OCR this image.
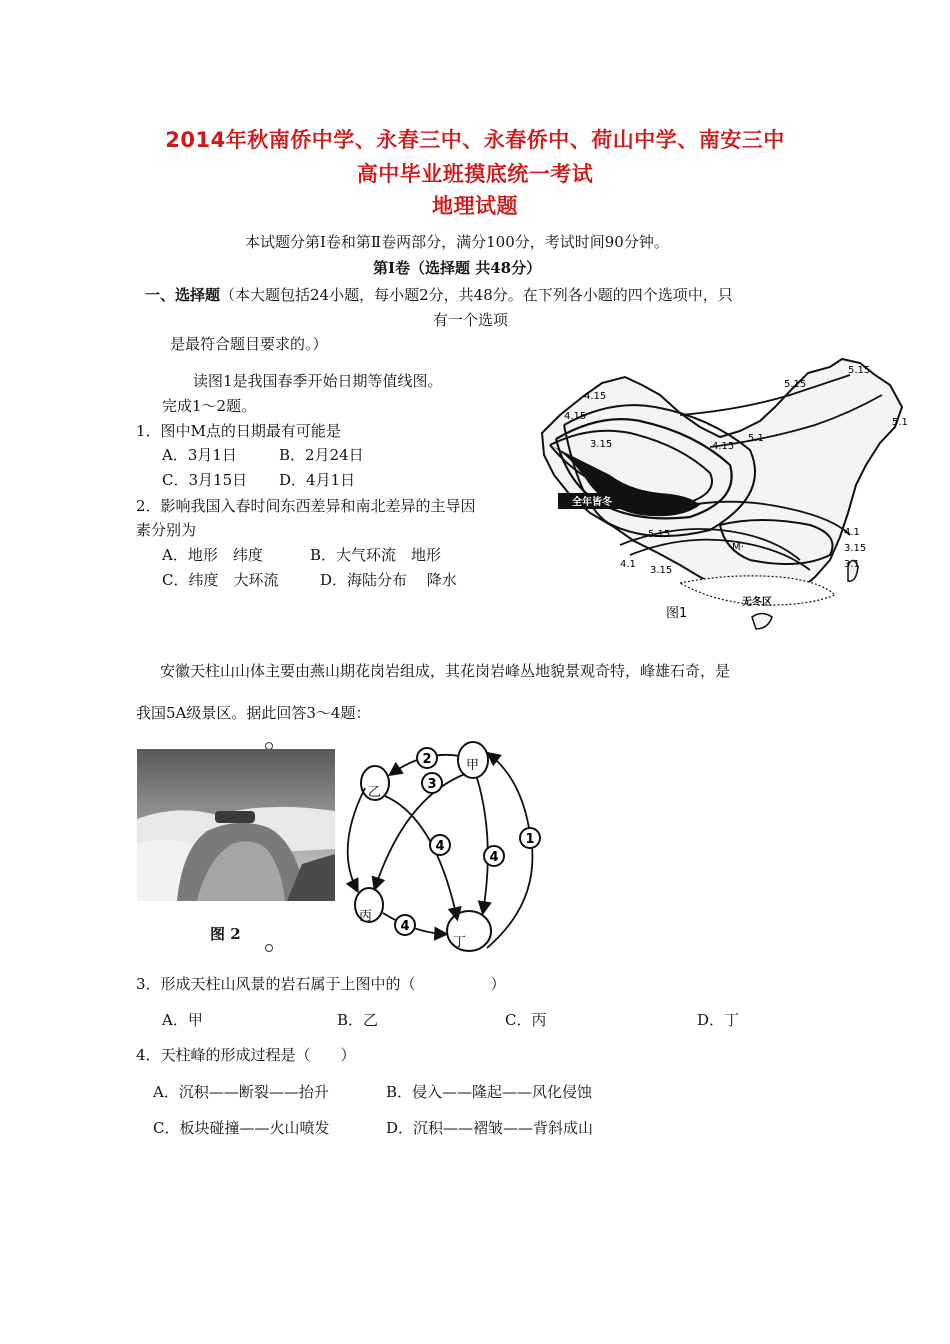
2014年秋南侨中学、永春三中、永春侨中、荷山中学、南安三中
高中毕业班摸底统一考试
地理试题
本试题分第Ⅰ卷和第Ⅱ卷两部分，满分100分，考试时间90分钟。
第Ⅰ卷（选择题 共48分）
一、选择题（本大题包括24小题，每小题2分，共48分。在下列各小题的四个选项中，只
有一个选项
是最符合题目要求的。）
读图1是我国春季开始日期等值线图。
完成1～2题。
1．图中M点的日期最有可能是
A．3月1日	B．2月24日
C．3月15日 D．4月1日
2．影响我国入春时间东西差异和南北差异的主导因
素分别为
A．地形　纬度	B．大气环流　地形
C．纬度　大环流	D．海陆分布　 降水
4.15
4.15
3.15
5.15
5.15
5.1
5.1
4.15
全年皆冬
5.15	4.1
3.15
3.1
4.1
3.15
M·
无冬区
图1
安徽天柱山山体主要由燕山期花岗岩组成，其花岗岩峰丛地貌景观奇特，峰雄石奇，是
我国5A级景区。据此回答3～4题：
图 2
2
3
1
4
4
4
甲
乙
丙
丁
3．形成天柱山风景的岩石属于上图中的（　　　　　）
A．甲	B．乙	C．丙	D．丁
4．天柱峰的形成过程是（　　）
A．沉积——断裂——抬升	B．侵入——隆起——风化侵蚀
C．板块碰撞——火山喷发	D．沉积——褶皱——背斜成山
